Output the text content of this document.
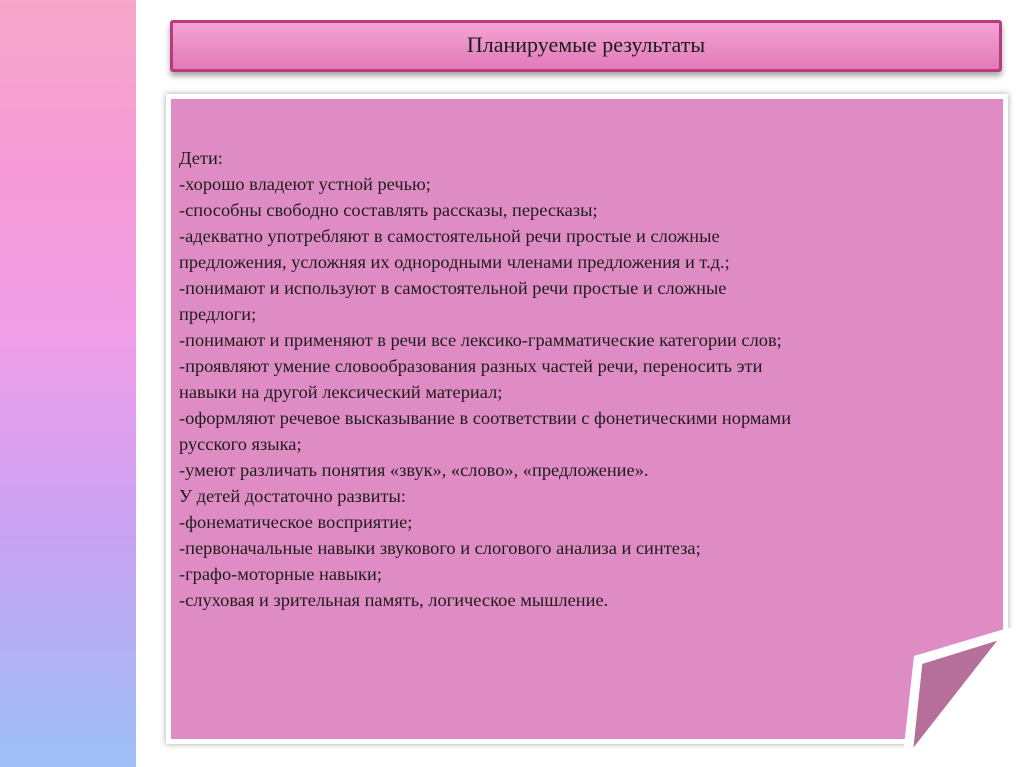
Планируемые результаты
Дети:
-хорошо владеют устной речью;
-способны свободно составлять рассказы, пересказы;
-адекватно употребляют в самостоятельной речи простые и сложные
предложения, усложняя их однородными членами предложения и т.д.;
-понимают и используют в самостоятельной речи простые и сложные
предлоги;
-понимают и применяют в речи все лексико-грамматические категории слов;
-проявляют умение словообразования разных частей речи, переносить эти
навыки на другой лексический материал;
-оформляют речевое высказывание в соответствии с фонетическими нормами
русского языка;
-умеют различать понятия «звук», «слово», «предложение».
У детей достаточно развиты:
-фонематическое восприятие;
-первоначальные навыки звукового и слогового анализа и синтеза;
-графо-моторные навыки;
-слуховая и зрительная память, логическое мышление.
